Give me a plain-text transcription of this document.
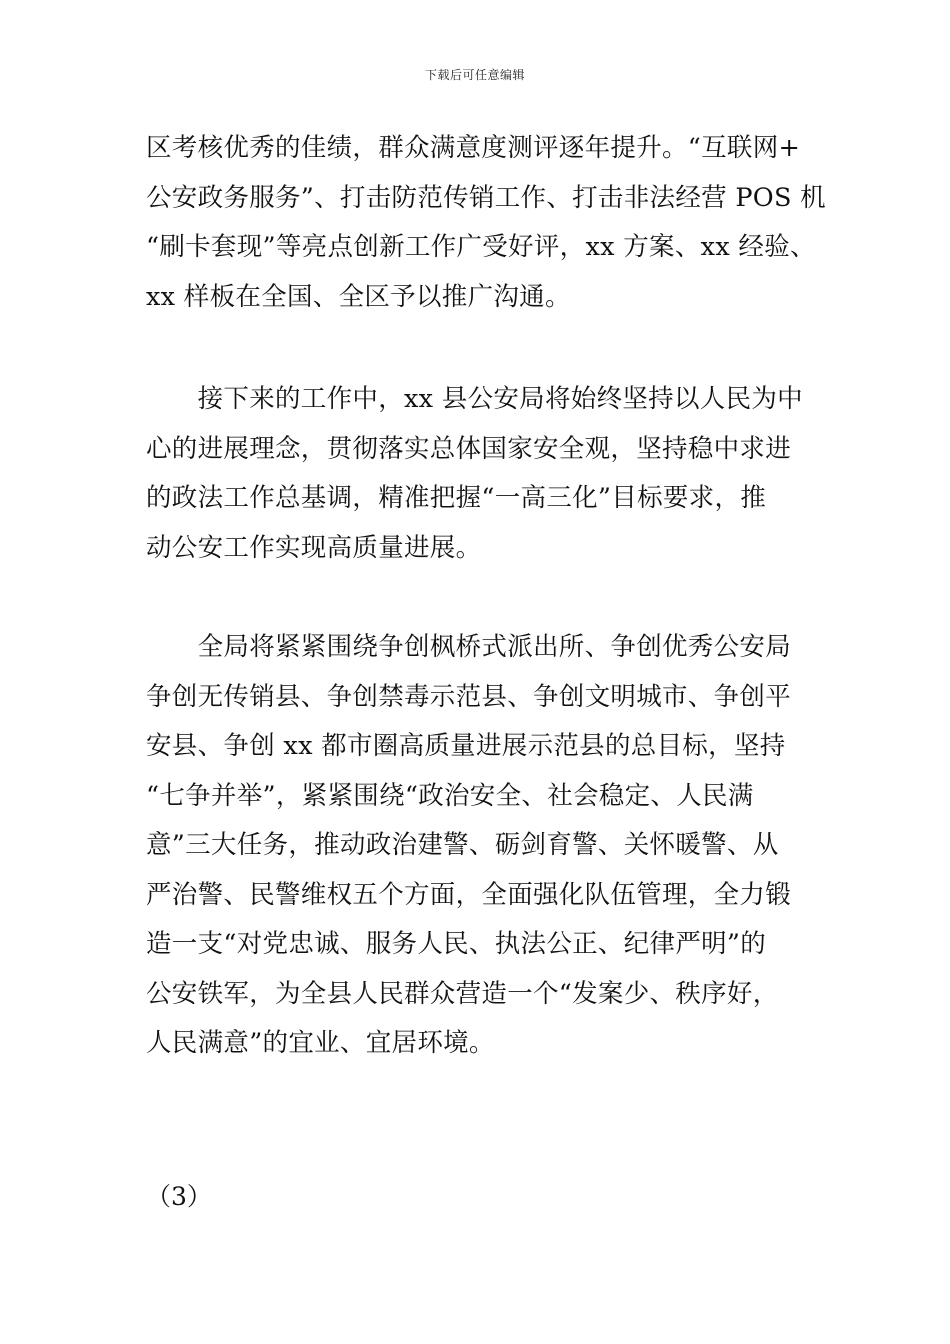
下载后可任意编辑
区考核优秀的佳绩，群众满意度测评逐年提升。“互联网+
公安政务服务”、打击防范传销工作、打击非法经营 POS 机
“刷卡套现”等亮点创新工作广受好评，xx 方案、xx 经验、
xx 样板在全国、全区予以推广沟通。
　　接下来的工作中，xx 县公安局将始终坚持以人民为中
心的进展理念，贯彻落实总体国家安全观，坚持稳中求进
的政法工作总基调，精准把握“一高三化”目标要求，推
动公安工作实现高质量进展。
　　全局将紧紧围绕争创枫桥式派出所、争创优秀公安局
争创无传销县、争创禁毒示范县、争创文明城市、争创平
安县、争创 xx 都市圈高质量进展示范县的总目标，坚持
“七争并举”，紧紧围绕“政治安全、社会稳定、人民满
意”三大任务，推动政治建警、砺剑育警、关怀暖警、从
严治警、民警维权五个方面，全面强化队伍管理，全力锻
造一支“对党忠诚、服务人民、执法公正、纪律严明”的
公安铁军，为全县人民群众营造一个“发案少、秩序好，
人民满意”的宜业、宜居环境。
（3）
